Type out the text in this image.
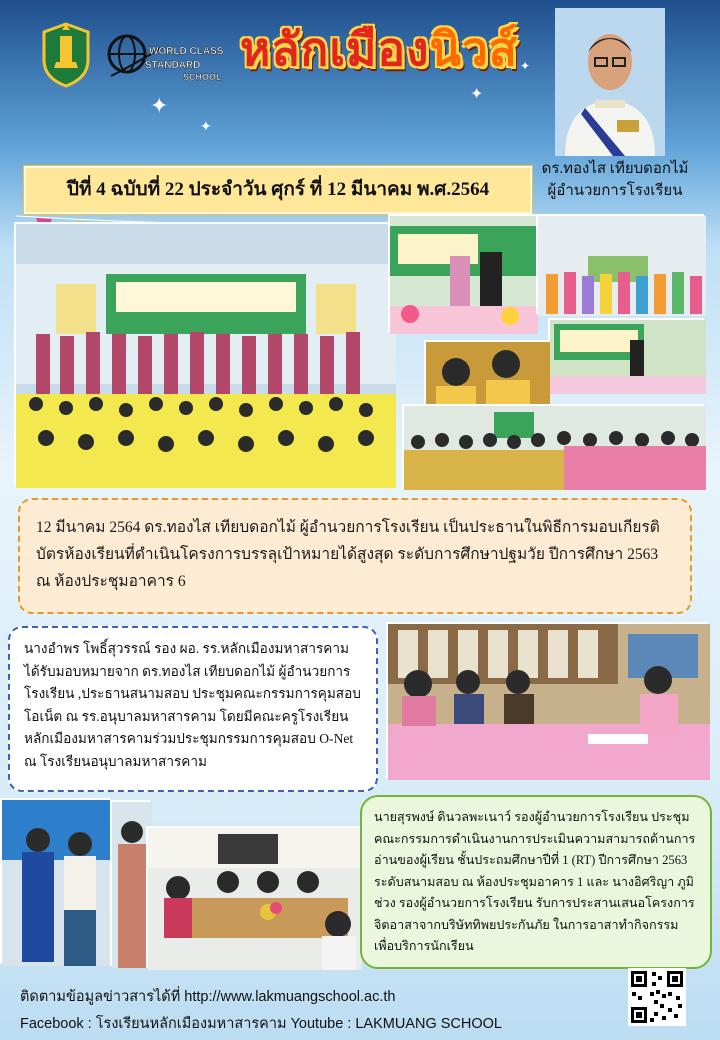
✦
✦
✦
✦
WORLD CLASS
STANDARD
SCHOOL
หลักเมืองนิวส์
ดร.ทองไส เทียบดอกไม้
ผู้อำนวยการโรงเรียน
ปีที่ 4 ฉบับที่ 22 ประจำวัน ศุกร์ ที่ 12 มีนาคม พ.ศ.2564
12 มีนาคม 2564 ดร.ทองไส เทียบดอกไม้ ผู้อำนวยการโรงเรียน เป็นประธานในพิธีการมอบเกียรติบัตรห้องเรียนที่ดำเนินโครงการบรรลุเป้าหมายได้สูงสุด ระดับการศึกษาปฐมวัย ปีการศึกษา 2563 ณ ห้องประชุมอาคาร 6
นางอำพร โพธิ์สุวรรณ์ รอง ผอ. รร.หลักเมืองมหาสารคาม ได้รับมอบหมายจาก ดร.ทองไส เทียบดอกไม้ ผู้อำนวยการโรงเรียน ,ประธานสนามสอบ ประชุมคณะกรรมการคุมสอบโอเน็ต ณ รร.อนุบาลมหาสารคาม โดยมีคณะครูโรงเรียนหลักเมืองมหาสารคามร่วมประชุมกรรมการคุมสอบ O-Net ณ โรงเรียนอนุบาลมหาสารคาม
นายสุรพงษ์ ดินวลพะเนาว์ รองผู้อำนวยการโรงเรียน ประชุมคณะกรรมการดำเนินงานการประเมินความสามารถด้านการอ่านของผู้เรียน ชั้นประถมศึกษาปีที่ 1 (RT) ปีการศึกษา 2563 ระดับสนามสอบ ณ ห้องประชุมอาคาร 1 และ นางอิศริญา ภูมิช่วง รองผู้อำนวยการโรงเรียน รับการประสานเสนอโครงการจิตอาสาจากบริษัททิพยประกันภัย ในการอาสาทำกิจกรรมเพื่อบริการนักเรียน
ติดตามข้อมูลข่าวสารได้ที่ http://www.lakmuangschool.ac.th
Facebook : โรงเรียนหลักเมืองมหาสารคาม Youtube : LAKMUANG SCHOOL
